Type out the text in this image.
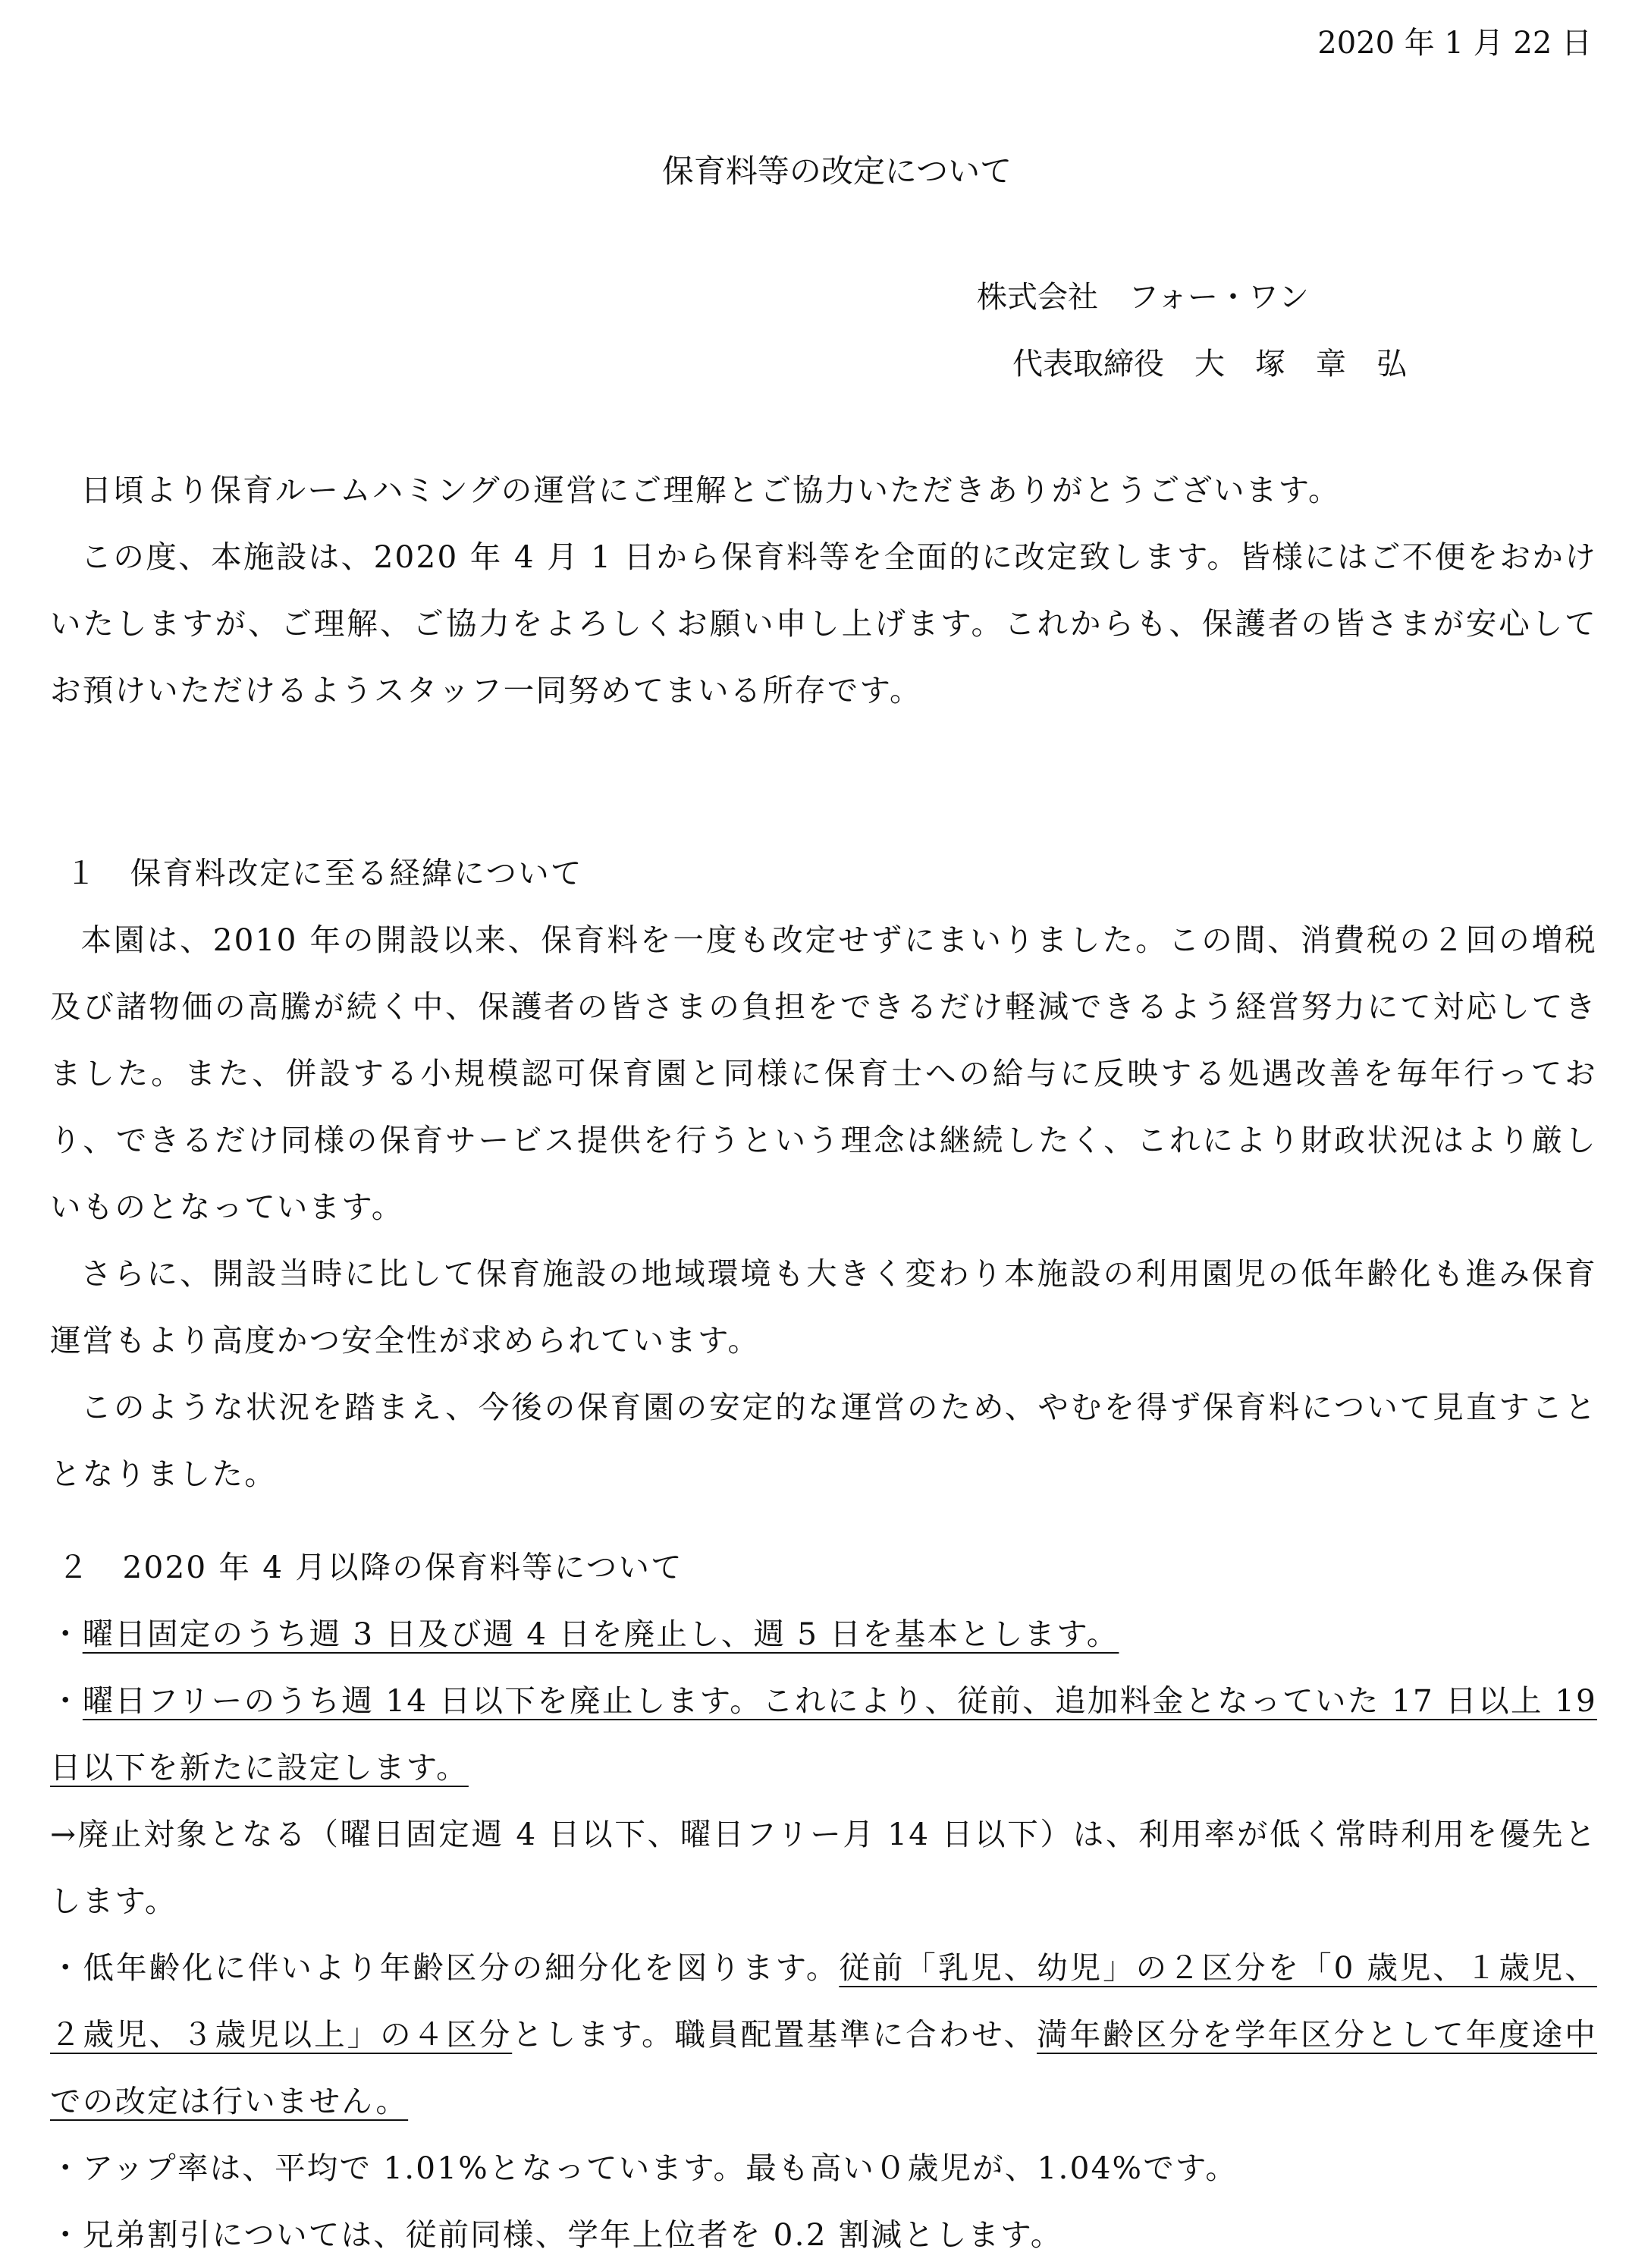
2020 年 1 月 22 日
保育料等の改定について
株式会社　フォー・ワン
代表取締役　大　塚　章　弘

日頃より保育ルームハミングの運営にご理解とご協力いただきありがとうございます。

この度、本施設は、2020 年 4 月 1 日から保育料等を全面的に改定致します。皆様にはご不便をおかけいたしますが、ご理解、ご協力をよろしくお願い申し上げます。これからも、保護者の皆さまが安心してお預けいただけるようスタッフ一同努めてまいる所存です。

１　保育料改定に至る経緯について

本園は、2010 年の開設以来、保育料を一度も改定せずにまいりました。この間、消費税の２回の増税及び諸物価の高騰が続く中、保護者の皆さまの負担をできるだけ軽減できるよう経営努力にて対応してきました。また、併設する小規模認可保育園と同様に保育士への給与に反映する処遇改善を毎年行っており、できるだけ同様の保育サービス提供を行うという理念は継続したく、これにより財政状況はより厳しいものとなっています。

さらに、開設当時に比して保育施設の地域環境も大きく変わり本施設の利用園児の低年齢化も進み保育運営もより高度かつ安全性が求められています。

このような状況を踏まえ、今後の保育園の安定的な運営のため、やむを得ず保育料について見直すこととなりました。

２　2020 年 4 月以降の保育料等について

・曜日固定のうち週 3 日及び週 4 日を廃止し、週 5 日を基本とします。

・曜日フリーのうち週 14 日以下を廃止します。これにより、従前、追加料金となっていた 17 日以上 19 日以下を新たに設定します。

→廃止対象となる（曜日固定週 4 日以下、曜日フリー月 14 日以下）は、利用率が低く常時利用を優先とします。

・低年齢化に伴いより年齢区分の細分化を図ります。従前「乳児、幼児」の２区分を「0 歳児、１歳児、２歳児、３歳児以上」の４区分とします。職員配置基準に合わせ、満年齢区分を学年区分として年度途中での改定は行いません。

・アップ率は、平均で 1.01%となっています。最も高い０歳児が、1.04%です。

・兄弟割引については、従前同様、学年上位者を 0.2 割減とします。
